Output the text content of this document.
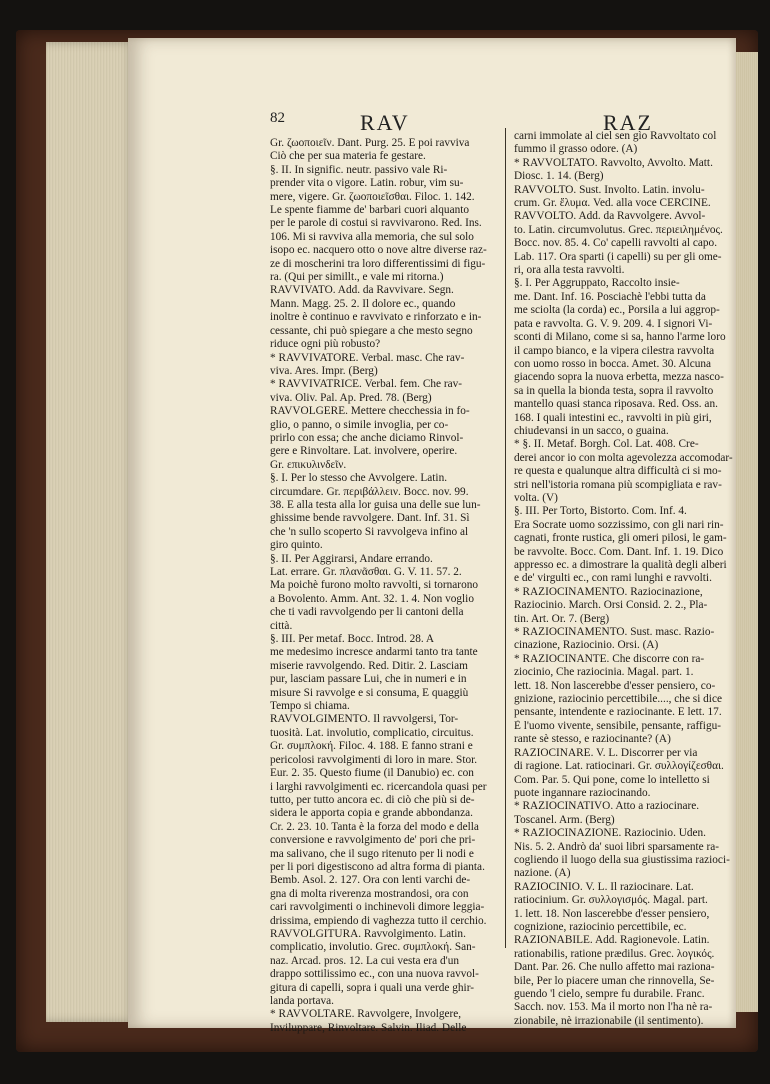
82	RAV	RAZ
Gr. ζωοποιεῖν. Dant. Purg. 25. E poi ravviva
Ciò che per sua materia fe gestare.
§. II. In signific. neutr. passivo vale Ri-
prender vita o vigore. Latin. robur, vim su-
mere, vigere. Gr. ζωοποιεῖσθαι. Filoc. 1. 142.
Le spente fiamme de' barbari cuori alquanto
per le parole di costui si ravvivarono. Red. Ins.
106. Mi si ravviva alla memoria, che sul solo
isopo ec. nacquero otto o nove altre diverse raz-
ze di moscherini tra loro differentissimi di figu-
ra. (Qui per simillt., e vale mi ritorna.)
RAVVIVATO. Add. da Ravvivare. Segn.
Mann. Magg. 25. 2. Il dolore ec., quando
inoltre è continuo e ravvivato e rinforzato e in-
cessante, chi può spiegare a che mesto segno
riduce ogni più robusto?
* RAVVIVATORE. Verbal. masc. Che rav-
viva. Ares. Impr. (Berg)
* RAVVIVATRICE. Verbal. fem. Che rav-
viva. Oliv. Pal. Ap. Pred. 78. (Berg)
RAVVOLGERE. Mettere checchessia in fo-
glio, o panno, o simile invoglia, per co-
prirlo con essa; che anche diciamo Rinvol-
gere e Rinvoltare. Lat. involvere, operire.
Gr. επικυλινδεῖν.
§. I. Per lo stesso che Avvolgere. Latin.
circumdare. Gr. περιβάλλειν. Bocc. nov. 99.
38. E alla testa alla lor guisa una delle sue lun-
ghissime bende ravvolgere. Dant. Inf. 31. Sì
che 'n sullo scoperto Si ravvolgeva infino al
giro quinto.
§. II. Per Aggirarsi, Andare errando.
Lat. errare. Gr. πλανᾶσθαι. G. V. 11. 57. 2.
Ma poichè furono molto ravvolti, si tornarono
a Bovolento. Amm. Ant. 32. 1. 4. Non voglio
che ti vadi ravvolgendo per li cantoni della
città.
§. III. Per metaf. Bocc. Introd. 28. A
me medesimo incresce andarmi tanto tra tante
miserie ravvolgendo. Red. Ditir. 2. Lasciam
pur, lasciam passare Lui, che in numeri e in
misure Si ravvolge e si consuma, E quaggiù
Tempo si chiama.
RAVVOLGIMENTO. Il ravvolgersi, Tor-
tuosità. Lat. involutio, complicatio, circuitus.
Gr. συμπλοκή. Filoc. 4. 188. E fanno strani e
pericolosi ravvolgimenti di loro in mare. Stor.
Eur. 2. 35. Questo fiume (il Danubio) ec. con
i larghi ravvolgimenti ec. ricercandola quasi per
tutto, per tutto ancora ec. di ciò che più si de-
sidera le apporta copia e grande abbondanza.
Cr. 2. 23. 10. Tanta è la forza del modo e della
conversione e ravvolgimento de' pori che pri-
ma salivano, che il sugo ritenuto per li nodi e
per li pori digestiscono ad altra forma di pianta.
Bemb. Asol. 2. 127. Ora con lenti varchi de-
gna di molta riverenza mostrandosi, ora con
cari ravvolgimenti o inchinevoli dimore leggia-
drissima, empiendo di vaghezza tutto il cerchio.
RAVVOLGITURA. Ravvolgimento. Latin.
complicatio, involutio. Grec. συμπλοκή. San-
naz. Arcad. pros. 12. La cui vesta era d'un
drappo sottilissimo ec., con una nuova ravvol-
gitura di capelli, sopra i quali una verde ghir-
landa portava.
* RAVVOLTARE. Ravvolgere, Involgere,
Inviluppare, Rinvoltare. Salvin. Iliad. Delle
carni immolate al ciel sen gìo Ravvoltato col
fummo il grasso odore. (A)
* RAVVOLTATO. Ravvolto, Avvolto. Matt.
Diosc. 1. 14. (Berg)
RAVVOLTO. Sust. Involto. Latin. involu-
crum. Gr. ἔλυμα. Ved. alla voce CERCINE.
RAVVOLTO. Add. da Ravvolgere. Avvol-
to. Latin. circumvolutus. Grec. περιειλημένος.
Bocc. nov. 85. 4. Co' capelli ravvolti al capo.
Lab. 117. Ora sparti (i capelli) su per gli ome-
ri, ora alla testa ravvolti.
§. I. Per Aggruppato, Raccolto insie-
me. Dant. Inf. 16. Posciachè l'ebbi tutta da
me sciolta (la corda) ec., Porsila a lui aggrop-
pata e ravvolta. G. V. 9. 209. 4. I signori Vi-
sconti di Milano, come si sa, hanno l'arme loro
il campo bianco, e la vipera cilestra ravvolta
con uomo rosso in bocca. Amet. 30. Alcuna
giacendo sopra la nuova erbetta, mezza nasco-
sa in quella la bionda testa, sopra il ravvolto
mantello quasi stanca riposava. Red. Oss. an.
168. I quali intestini ec., ravvolti in più giri,
chiudevansi in un sacco, o guaina.
* §. II. Metaf. Borgh. Col. Lat. 408. Cre-
derei ancor io con molta agevolezza accomodar-
re questa e qualunque altra difficultà ci si mo-
stri nell'istoria romana più scompigliata e rav-
volta. (V)
§. III. Per Torto, Bistorto. Com. Inf. 4.
Era Socrate uomo sozzissimo, con gli nari rin-
cagnati, fronte rustica, gli omeri pilosi, le gam-
be ravvolte. Bocc. Com. Dant. Inf. 1. 19. Dico
appresso ec. a dimostrare la qualità degli alberi
e de' virgulti ec., con rami lunghi e ravvolti.
* RAZIOCINAMENTO. Raziocinazione,
Raziocinio. March. Orsi Consid. 2. 2., Pla-
tin. Art. Or. 7. (Berg)
* RAZIOCINAMENTO. Sust. masc. Razio-
cinazione, Raziocinio. Orsi. (A)
* RAZIOCINANTE. Che discorre con ra-
ziocinio, Che raziocinia. Magal. part. 1.
lett. 18. Non lascerebbe d'esser pensiero, co-
gnizione, raziocinio percettibile...., che si dice
pensante, intendente e raziocinante. E lett. 17.
È l'uomo vivente, sensibile, pensante, raffigu-
rante sè stesso, e raziocinante? (A)
RAZIOCINARE. V. L. Discorrer per via
di ragione. Lat. ratiocinari. Gr. συλλογίζεσθαι.
Com. Par. 5. Qui pone, come lo intelletto si
puote ingannare raziocinando.
* RAZIOCINATIVO. Atto a raziocinare.
Toscanel. Arm. (Berg)
* RAZIOCINAZIONE. Raziocinio. Uden.
Nis. 5. 2. Andrò da' suoi libri sparsamente ra-
cogliendo il luogo della sua giustissima razioci-
nazione. (A)
RAZIOCINIO. V. L. Il raziocinare. Lat.
ratiocinium. Gr. συλλογισμός. Magal. part.
1. lett. 18. Non lascerebbe d'esser pensiero,
cognizione, raziocinio percettibile, ec.
RAZIONABILE. Add. Ragionevole. Latin.
rationabilis, ratione prædilus. Grec. λογικός.
Dant. Par. 26. Che nullo affetto mai raziona-
bile, Per lo piacere uman che rinnovella, Se-
guendo 'l cielo, sempre fu durabile. Franc.
Sacch. nov. 153. Ma il morto non l'ha nè ra-
zionabile, nè irrazionabile (il sentimento).
